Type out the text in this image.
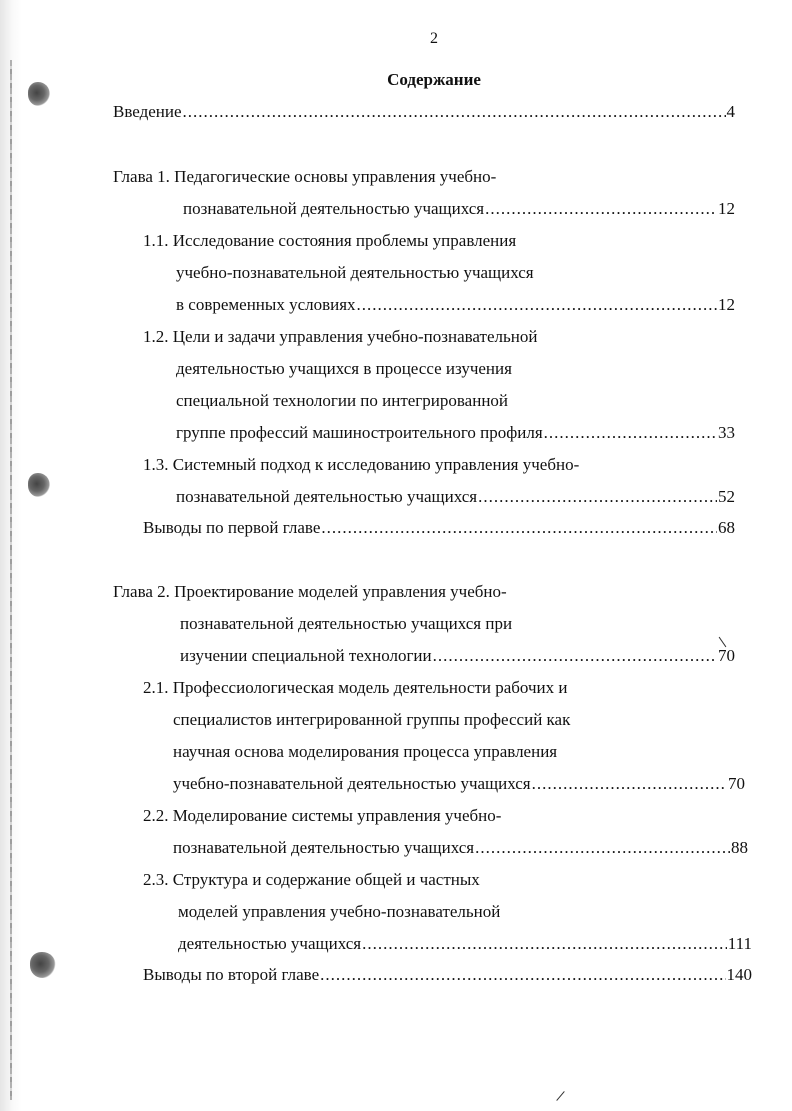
2
Содержание
Введение .....	4
Глава 1. Педагогические основы управления учебно-
познавательной деятельностью учащихся .....	12
1.1. Исследование состояния проблемы управления
учебно-познавательной деятельностью учащихся
в современных условиях .....	12
1.2. Цели и задачи управления учебно-познавательной
деятельностью учащихся в процессе изучения
специальной технологии по интегрированной
группе профессий машиностроительного профиля .....	33
1.3. Системный подход к исследованию управления учебно-
познавательной деятельностью учащихся .....	52
Выводы по первой главе .....	68
Глава 2. Проектирование моделей управления учебно-
познавательной деятельностью учащихся при
изучении специальной технологии .....	70
2.1. Профессиологическая модель деятельности рабочих и
специалистов интегрированной группы профессий как
научная основа моделирования процесса управления
учебно-познавательной деятельностью учащихся .....	70
2.2. Моделирование системы управления учебно-
познавательной деятельностью учащихся .....	88
2.3. Структура и содержание общей и частных
моделей управления учебно-познавательной
деятельностью учащихся .....	111
Выводы по второй главе .....	140
